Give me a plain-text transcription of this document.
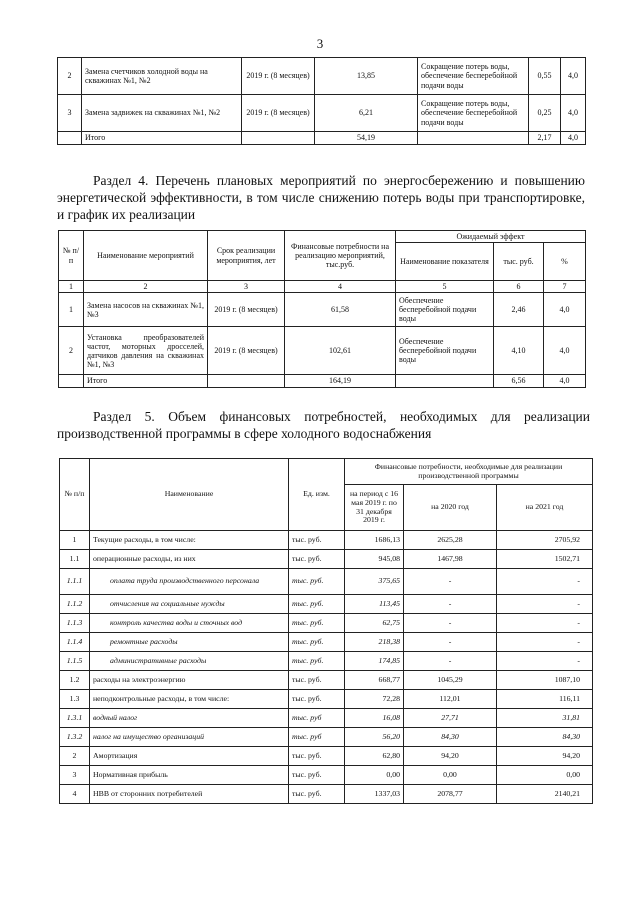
3
2	Замена счетчиков холодной воды на скважинах №1, №2	2019 г. (8 месяцев)	13,85	Сокращение потерь воды, обеспечение бесперебойной подачи воды	0,55	4,0
3	Замена задвижек на скважинах №1, №2	2019 г. (8 месяцев)	6,21	Сокращение потерь воды, обеспечение бесперебойной подачи воды	0,25	4,0
	Итого		54,19		2,17	4,0
Раздел 4. Перечень плановых мероприятий по энергосбережению и повышению энергетической эффективности, в том числе снижению потерь воды при транспортировке, и график их реализации
№ п/п	Наименование мероприятий	Срок реализации мероприятия, лет	Финансовые потребности на реализацию мероприятий, тыс.руб.	Ожидаемый эффект		
				Наименование показателя	тыс. руб.	%
1	2	3	4	5	6	7
1	Замена насосов на скважинах №1, №3	2019 г. (8 месяцев)	61,58	Обеспечение бесперебойной подачи воды	2,46	4,0
2	Установка преобразователей частот, моторных дросселей, датчиков давления на скважинах №1, №3	2019 г. (8 месяцев)	102,61	Обеспечение бесперебойной подачи воды	4,10	4,0
	Итого		164,19		6,56	4,0
Раздел 5. Объем финансовых потребностей, необходимых для реализации производственной программы в сфере холодного водоснабжения
№ п/п	Наименование	Ед. изм.	Финансовые потребности, необходимые для реализации производственной программы		
			на период с 16 мая 2019 г. по 31 декабря 2019 г.	на 2020 год	на 2021 год
1	Текущие расходы, в том числе:	тыс. руб.	1686,13	2625,28	2705,92
1.1	операционные расходы, из них	тыс. руб.	945,08	1467,98	1502,71
1.1.1	оплата труда производственного персонала	тыс. руб.	375,65	-	-
1.1.2	отчисления на социальные нужды	тыс. руб.	113,45	-	-
1.1.3	контроль качества воды и сточных вод	тыс. руб.	62,75	-	-
1.1.4	ремонтные расходы	тыс. руб.	218,38	-	-
1.1.5	административные расходы	тыс. руб.	174,85	-	-
1.2	расходы на электроэнергию	тыс. руб.	668,77	1045,29	1087,10
1.3	неподконтрольные расходы, в том числе:	тыс. руб.	72,28	112,01	116,11
1.3.1	водный налог	тыс. руб	16,08	27,71	31,81
1.3.2	налог на имущество организаций	тыс. руб	56,20	84,30	84,30
2	Амортизация	тыс. руб.	62,80	94,20	94,20
3	Нормативная прибыль	тыс. руб.	0,00	0,00	0,00
4	НВВ от сторонних потребителей	тыс. руб.	1337,03	2078,77	2140,21
